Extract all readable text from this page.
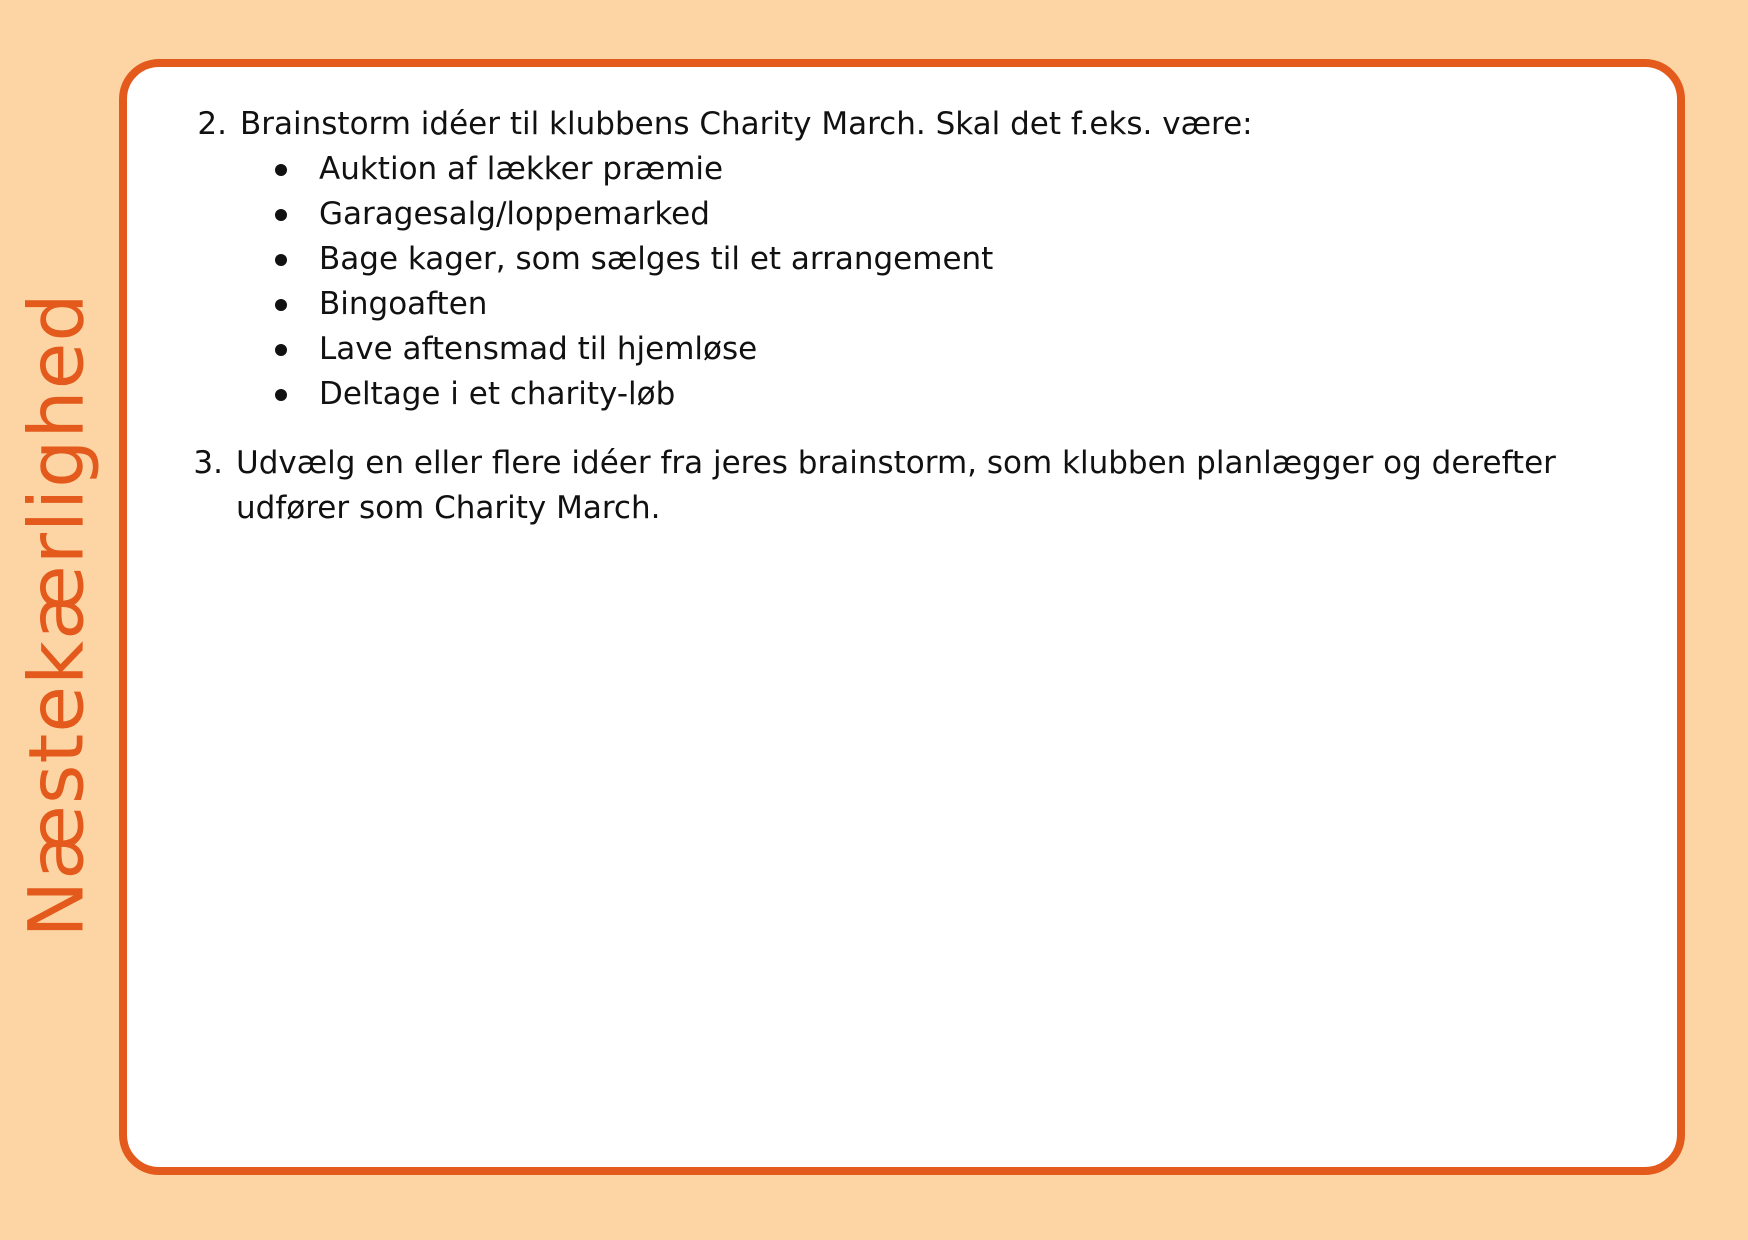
Næstekærlighed
2. Brainstorm idéer til klubbens Charity March. Skal det f.eks. være:
Auktion af lækker præmie
Garagesalg/loppemarked
Bage kager, som sælges til et arrangement
Bingoaften
Lave aftensmad til hjemløse
Deltage i et charity-løb
3. Udvælg en eller flere idéer fra jeres brainstorm, som klubben planlægger og derefter
udfører som Charity March.
